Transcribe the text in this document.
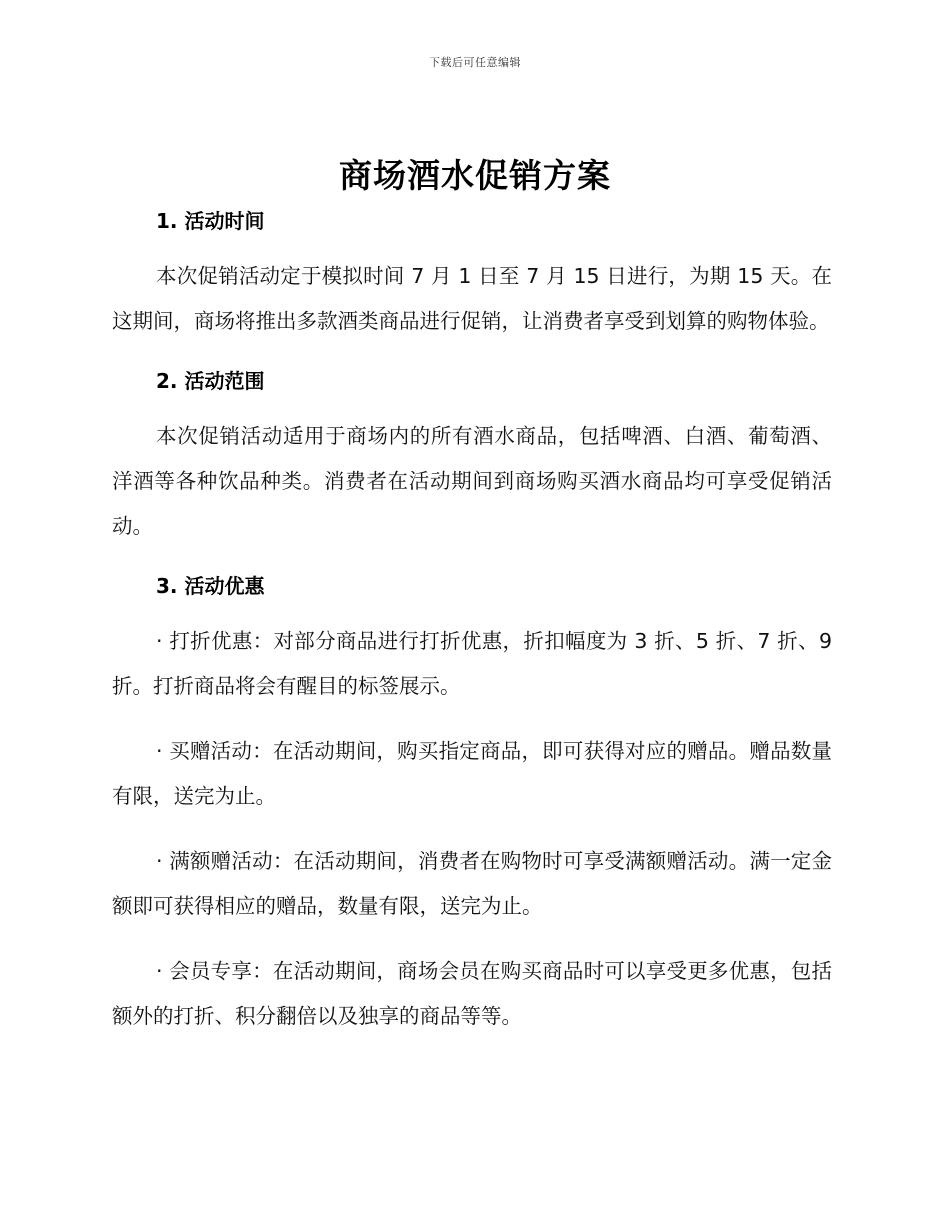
下载后可任意编辑
商场酒水促销方案
1. 活动时间

本次促销活动定于模拟时间 7 月 1 日至 7 月 15 日进行，为期 15 天。在这期间，商场将推出多款酒类商品进行促销，让消费者享受到划算的购物体验。

2. 活动范围

本次促销活动适用于商场内的所有酒水商品，包括啤酒、白酒、葡萄酒、洋酒等各种饮品种类。消费者在活动期间到商场购买酒水商品均可享受促销活动。

3. 活动优惠

· 打折优惠：对部分商品进行打折优惠，折扣幅度为 3 折、5 折、7 折、9 折。打折商品将会有醒目的标签展示。

· 买赠活动：在活动期间，购买指定商品，即可获得对应的赠品。赠品数量有限，送完为止。

· 满额赠活动：在活动期间，消费者在购物时可享受满额赠活动。满一定金额即可获得相应的赠品，数量有限，送完为止。

· 会员专享：在活动期间，商场会员在购买商品时可以享受更多优惠，包括额外的打折、积分翻倍以及独享的商品等等。
